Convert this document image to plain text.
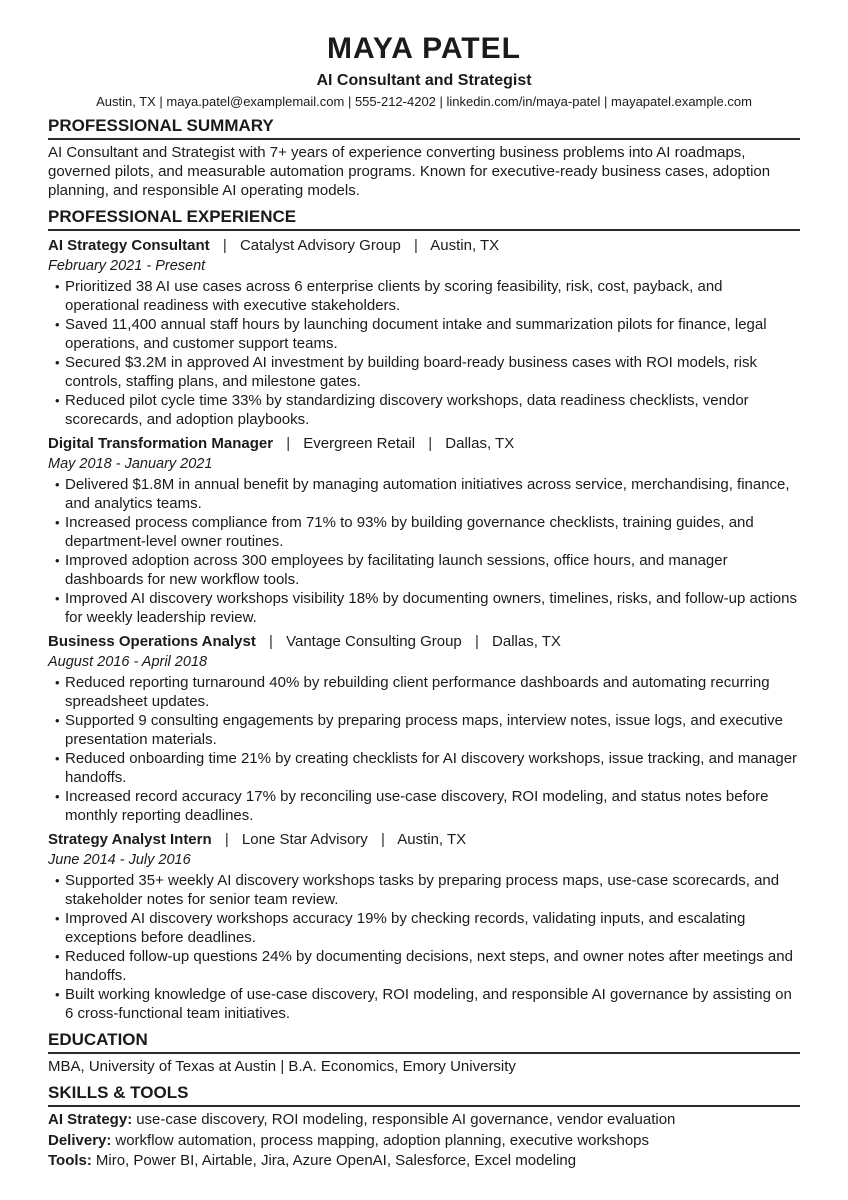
MAYA PATEL
AI Consultant and Strategist
Austin, TX | maya.patel@examplemail.com | 555-212-4202 | linkedin.com/in/maya-patel | mayapatel.example.com
PROFESSIONAL SUMMARY

AI Consultant and Strategist with 7+ years of experience converting business problems into AI roadmaps, governed pilots, and measurable automation programs. Known for executive-ready business cases, adoption planning, and responsible AI operating models.

PROFESSIONAL EXPERIENCE
AI Strategy Consultant | Catalyst Advisory Group | Austin, TX
February 2021 - Present
• Prioritized 38 AI use cases across 6 enterprise clients by scoring feasibility, risk, cost, payback, and operational readiness with executive stakeholders.
• Saved 11,400 annual staff hours by launching document intake and summarization pilots for finance, legal operations, and customer support teams.
• Secured $3.2M in approved AI investment by building board-ready business cases with ROI models, risk controls, staffing plans, and milestone gates.
• Reduced pilot cycle time 33% by standardizing discovery workshops, data readiness checklists, vendor scorecards, and adoption playbooks.
Digital Transformation Manager | Evergreen Retail | Dallas, TX
May 2018 - January 2021
• Delivered $1.8M in annual benefit by managing automation initiatives across service, merchandising, finance, and analytics teams.
• Increased process compliance from 71% to 93% by building governance checklists, training guides, and department-level owner routines.
• Improved adoption across 300 employees by facilitating launch sessions, office hours, and manager dashboards for new workflow tools.
• Improved AI discovery workshops visibility 18% by documenting owners, timelines, risks, and follow-up actions for weekly leadership review.
Business Operations Analyst | Vantage Consulting Group | Dallas, TX
August 2016 - April 2018
• Reduced reporting turnaround 40% by rebuilding client performance dashboards and automating recurring spreadsheet updates.
• Supported 9 consulting engagements by preparing process maps, interview notes, issue logs, and executive presentation materials.
• Reduced onboarding time 21% by creating checklists for AI discovery workshops, issue tracking, and manager handoffs.
• Increased record accuracy 17% by reconciling use-case discovery, ROI modeling, and status notes before monthly reporting deadlines.
Strategy Analyst Intern | Lone Star Advisory | Austin, TX
June 2014 - July 2016
• Supported 35+ weekly AI discovery workshops tasks by preparing process maps, use-case scorecards, and stakeholder notes for senior team review.
• Improved AI discovery workshops accuracy 19% by checking records, validating inputs, and escalating exceptions before deadlines.
• Reduced follow-up questions 24% by documenting decisions, next steps, and owner notes after meetings and handoffs.
• Built working knowledge of use-case discovery, ROI modeling, and responsible AI governance by assisting on 6 cross-functional team initiatives.
EDUCATION

MBA, University of Texas at Austin | B.A. Economics, Emory University

SKILLS & TOOLS
AI Strategy: use-case discovery, ROI modeling, responsible AI governance, vendor evaluation
Delivery: workflow automation, process mapping, adoption planning, executive workshops
Tools: Miro, Power BI, Airtable, Jira, Azure OpenAI, Salesforce, Excel modeling
